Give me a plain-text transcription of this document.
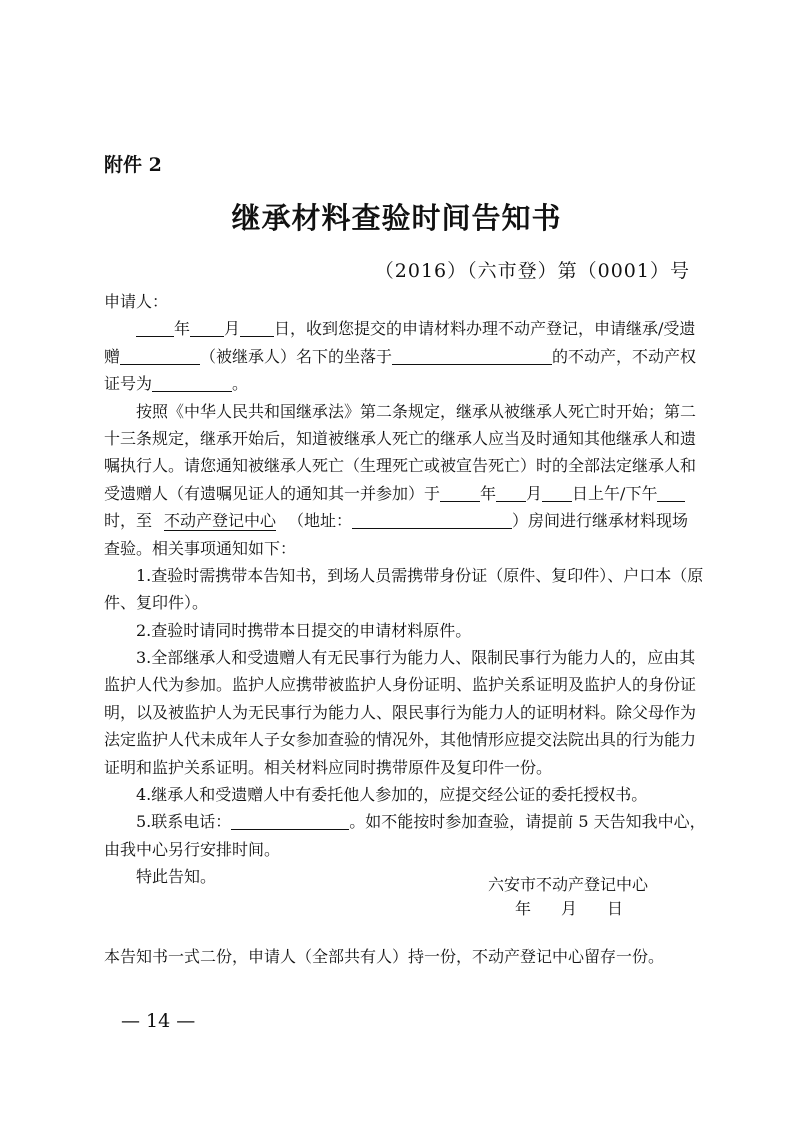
附件 2
继承材料查验时间告知书
（2016）（六市登）第（0001）号
申请人：
年 月 日，收到您提交的申请材料办理不动产登记，申请继承/受遗
赠	（被继承人）名下的坐落于	的不动产，不动产权
证号为	。
按照《中华人民共和国继承法》第二条规定，继承从被继承人死亡时开始；第二
十三条规定，继承开始后，知道被继承人死亡的继承人应当及时通知其他继承人和遗
嘱执行人。请您通知被继承人死亡（生理死亡或被宣告死亡）时的全部法定继承人和
受遗赠人（有遗嘱见证人的通知其一并参加）于	年 月 日上午/下午
时，至 不动产登记中心 （地址：	）房间进行继承材料现场
查验。相关事项通知如下：
1.查验时需携带本告知书，到场人员需携带身份证（原件、复印件）、户口本（原
件、复印件）。
2.查验时请同时携带本日提交的申请材料原件。
3.全部继承人和受遗赠人有无民事行为能力人、限制民事行为能力人的，应由其
监护人代为参加。监护人应携带被监护人身份证明、监护关系证明及监护人的身份证
明，以及被监护人为无民事行为能力人、限民事行为能力人的证明材料。除父母作为
法定监护人代未成年人子女参加查验的情况外，其他情形应提交法院出具的行为能力
证明和监护关系证明。相关材料应同时携带原件及复印件一份。
4.继承人和受遗赠人中有委托他人参加的，应提交经公证的委托授权书。
5.联系电话：	。如不能按时参加查验，请提前 5 天告知我中心，
由我中心另行安排时间。
特此告知。	六安市不动产登记中心
年 月 日
本告知书一式二份，申请人（全部共有人）持一份，不动产登记中心留存一份。
— 14 —
